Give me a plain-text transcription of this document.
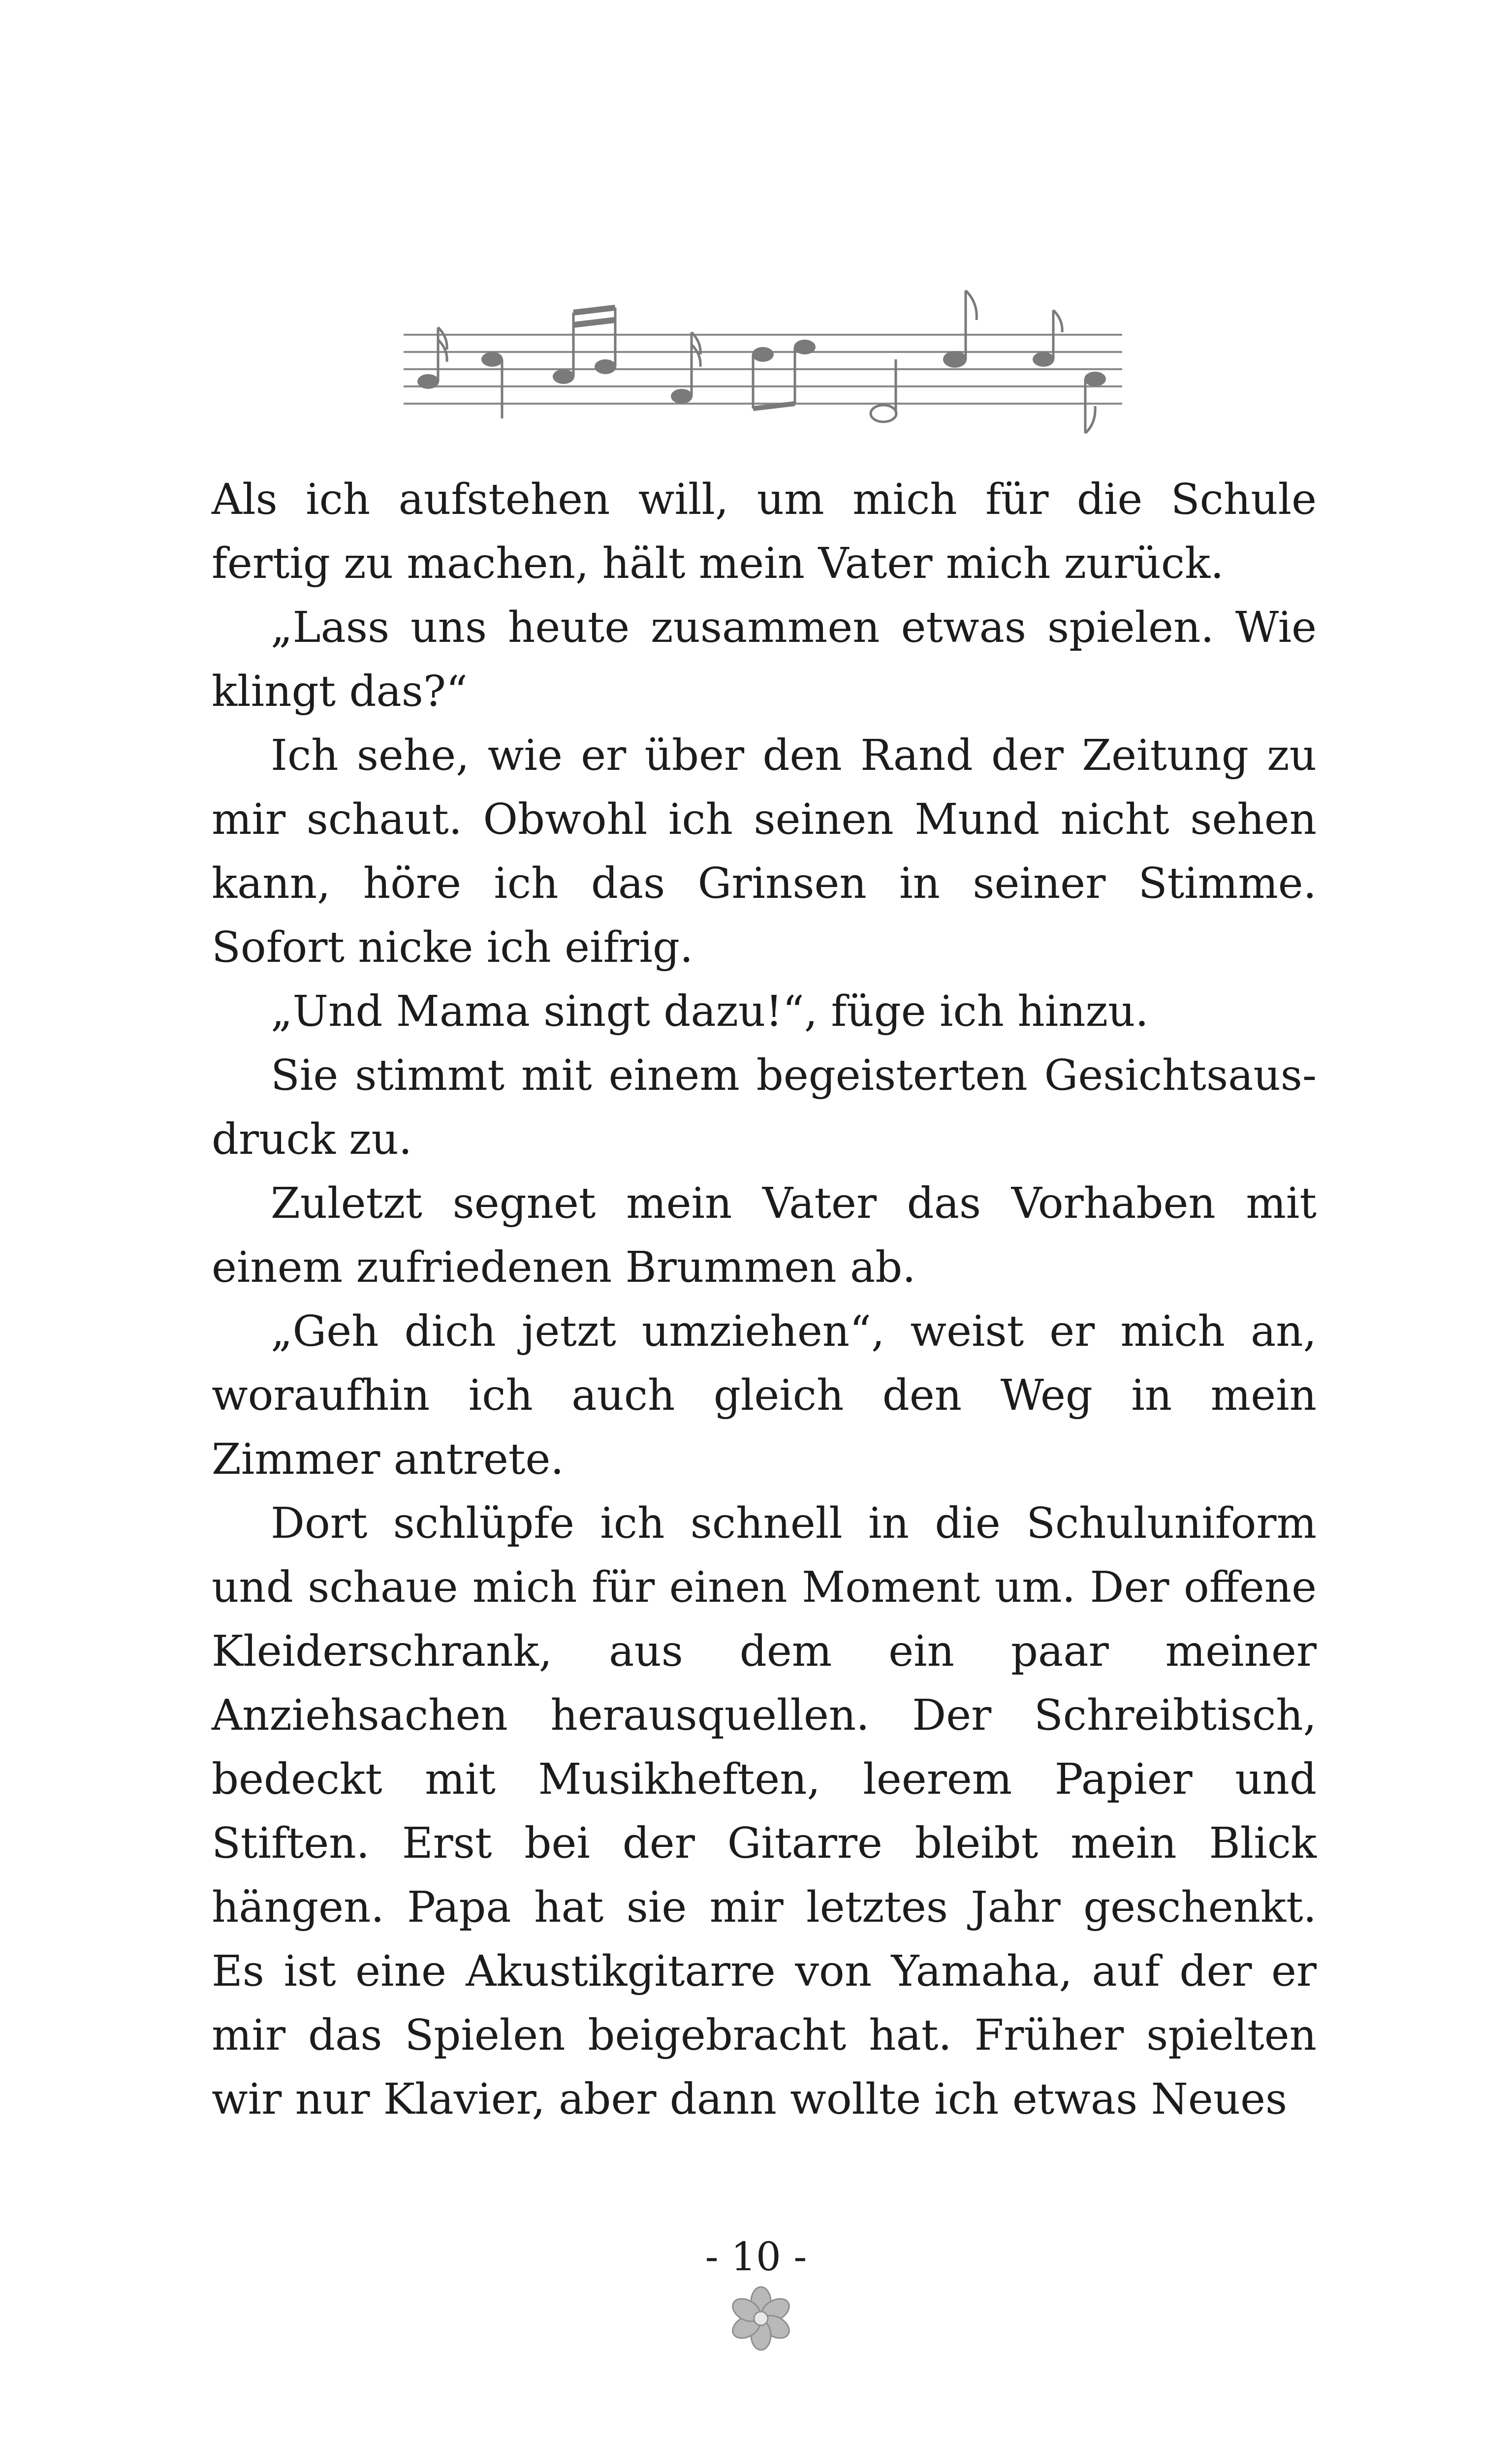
Als ich aufstehen will, um mich für die Schule fertig zu machen, hält mein Vater mich zurück.

„Lass uns heute zusammen etwas spielen. Wie klingt das?“

Ich sehe, wie er über den Rand der Zeitung zu mir schaut. Obwohl ich seinen Mund nicht sehen kann, höre ich das Grinsen in seiner Stimme. Sofort nicke ich eifrig.

„Und Mama singt dazu!“, füge ich hinzu.

Sie stimmt mit einem begeisterten Gesichtsausdruck zu.

Zuletzt segnet mein Vater das Vorhaben mit einem zufriedenen Brummen ab.

„Geh dich jetzt umziehen“, weist er mich an, woraufhin ich auch gleich den Weg in mein Zimmer antrete.

Dort schlüpfe ich schnell in die Schuluniform und schaue mich für einen Moment um. Der offene Kleiderschrank, aus dem ein paar meiner Anziehsachen herausquellen. Der Schreibtisch, bedeckt mit Musikheften, leerem Papier und Stiften. Erst bei der Gitarre bleibt mein Blick hängen. Papa hat sie mir letztes Jahr geschenkt. Es ist eine Akustikgitarre von Yamaha, auf der er mir das Spielen beigebracht hat. Früher spielten wir nur Klavier, aber dann wollte ich etwas Neues

- 10 -
